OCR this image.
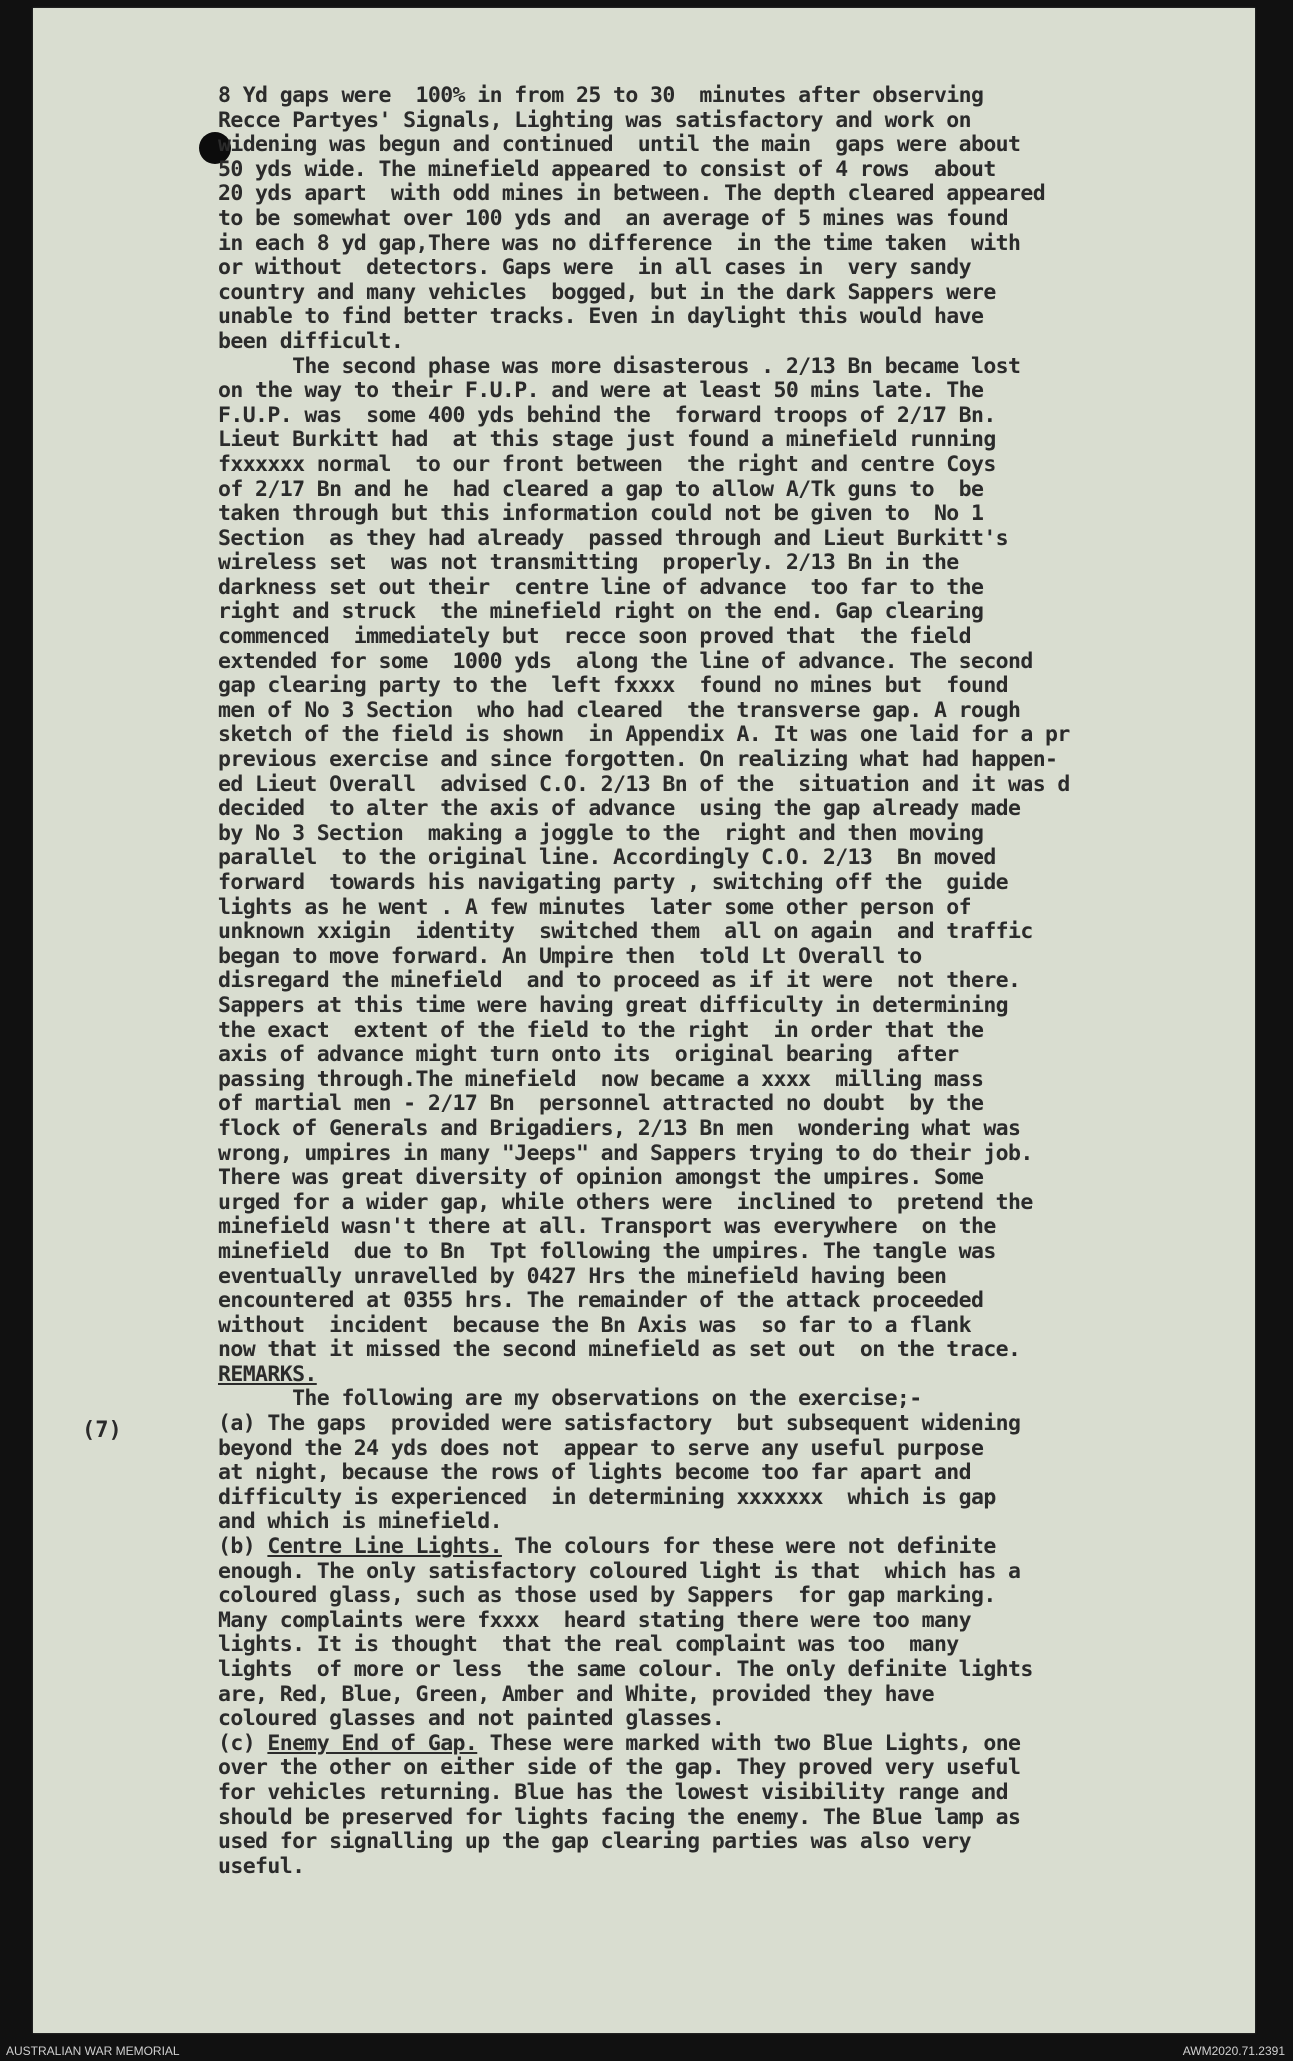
(7)
8 Yd gaps were  100% in from 25 to 30  minutes after observing
Recce Partyes' Signals, Lighting was satisfactory and work on
widening was begun and continued  until the main  gaps were about
50 yds wide. The minefield appeared to consist of 4 rows  about
20 yds apart  with odd mines in between. The depth cleared appeared
to be somewhat over 100 yds and  an average of 5 mines was found
in each 8 yd gap,There was no difference  in the time taken  with
or without  detectors. Gaps were  in all cases in  very sandy
country and many vehicles  bogged, but in the dark Sappers were
unable to find better tracks. Even in daylight this would have
been difficult.
The second phase was more disasterous . 2/13 Bn became lost
on the way to their F.U.P. and were at least 50 mins late. The
F.U.P. was  some 400 yds behind the  forward troops of 2/17 Bn.
Lieut Burkitt had  at this stage just found a minefield running
fxxxxxx normal  to our front between  the right and centre Coys
of 2/17 Bn and he  had cleared a gap to allow A/Tk guns to  be
taken through but this information could not be given to  No 1
Section  as they had already  passed through and Lieut Burkitt's
wireless set  was not transmitting  properly. 2/13 Bn in the
darkness set out their  centre line of advance  too far to the
right and struck  the minefield right on the end. Gap clearing
commenced  immediately but  recce soon proved that  the field
extended for some  1000 yds  along the line of advance. The second
gap clearing party to the  left fxxxx  found no mines but  found
men of No 3 Section  who had cleared  the transverse gap. A rough
sketch of the field is shown  in Appendix A. It was one laid for a pr
previous exercise and since forgotten. On realizing what had happen-
ed Lieut Overall  advised C.O. 2/13 Bn of the  situation and it was d
decided  to alter the axis of advance  using the gap already made
by No 3 Section  making a joggle to the  right and then moving
parallel  to the original line. Accordingly C.O. 2/13  Bn moved
forward  towards his navigating party , switching off the  guide
lights as he went . A few minutes  later some other person of
unknown xxigin  identity  switched them  all on again  and traffic
began to move forward. An Umpire then  told Lt Overall to
disregard the minefield  and to proceed as if it were  not there.
Sappers at this time were having great difficulty in determining
the exact  extent of the field to the right  in order that the
axis of advance might turn onto its  original bearing  after
passing through.The minefield  now became a xxxx  milling mass
of martial men - 2/17 Bn  personnel attracted no doubt  by the
flock of Generals and Brigadiers, 2/13 Bn men  wondering what was
wrong, umpires in many "Jeeps" and Sappers trying to do their job.
There was great diversity of opinion amongst the umpires. Some
urged for a wider gap, while others were  inclined to  pretend the
minefield wasn't there at all. Transport was everywhere  on the
minefield  due to Bn  Tpt following the umpires. The tangle was
eventually unravelled by 0427 Hrs the minefield having been
encountered at 0355 hrs. The remainder of the attack proceeded
without  incident  because the Bn Axis was  so far to a flank
now that it missed the second minefield as set out  on the trace.
REMARKS.
The following are my observations on the exercise;-
(a) The gaps  provided were satisfactory  but subsequent widening
beyond the 24 yds does not  appear to serve any useful purpose
at night, because the rows of lights become too far apart and
difficulty is experienced  in determining xxxxxxx  which is gap
and which is minefield.
(b) Centre Line Lights. The colours for these were not definite
enough. The only satisfactory coloured light is that  which has a
coloured glass, such as those used by Sappers  for gap marking.
Many complaints were fxxxx  heard stating there were too many
lights. It is thought  that the real complaint was too  many
lights  of more or less  the same colour. The only definite lights
are, Red, Blue, Green, Amber and White, provided they have
coloured glasses and not painted glasses.
(c) Enemy End of Gap. These were marked with two Blue Lights, one
over the other on either side of the gap. They proved very useful
for vehicles returning. Blue has the lowest visibility range and
should be preserved for lights facing the enemy. The Blue lamp as
used for signalling up the gap clearing parties was also very
useful.
AUSTRALIAN WAR MEMORIAL	AWM2020.71.2391
